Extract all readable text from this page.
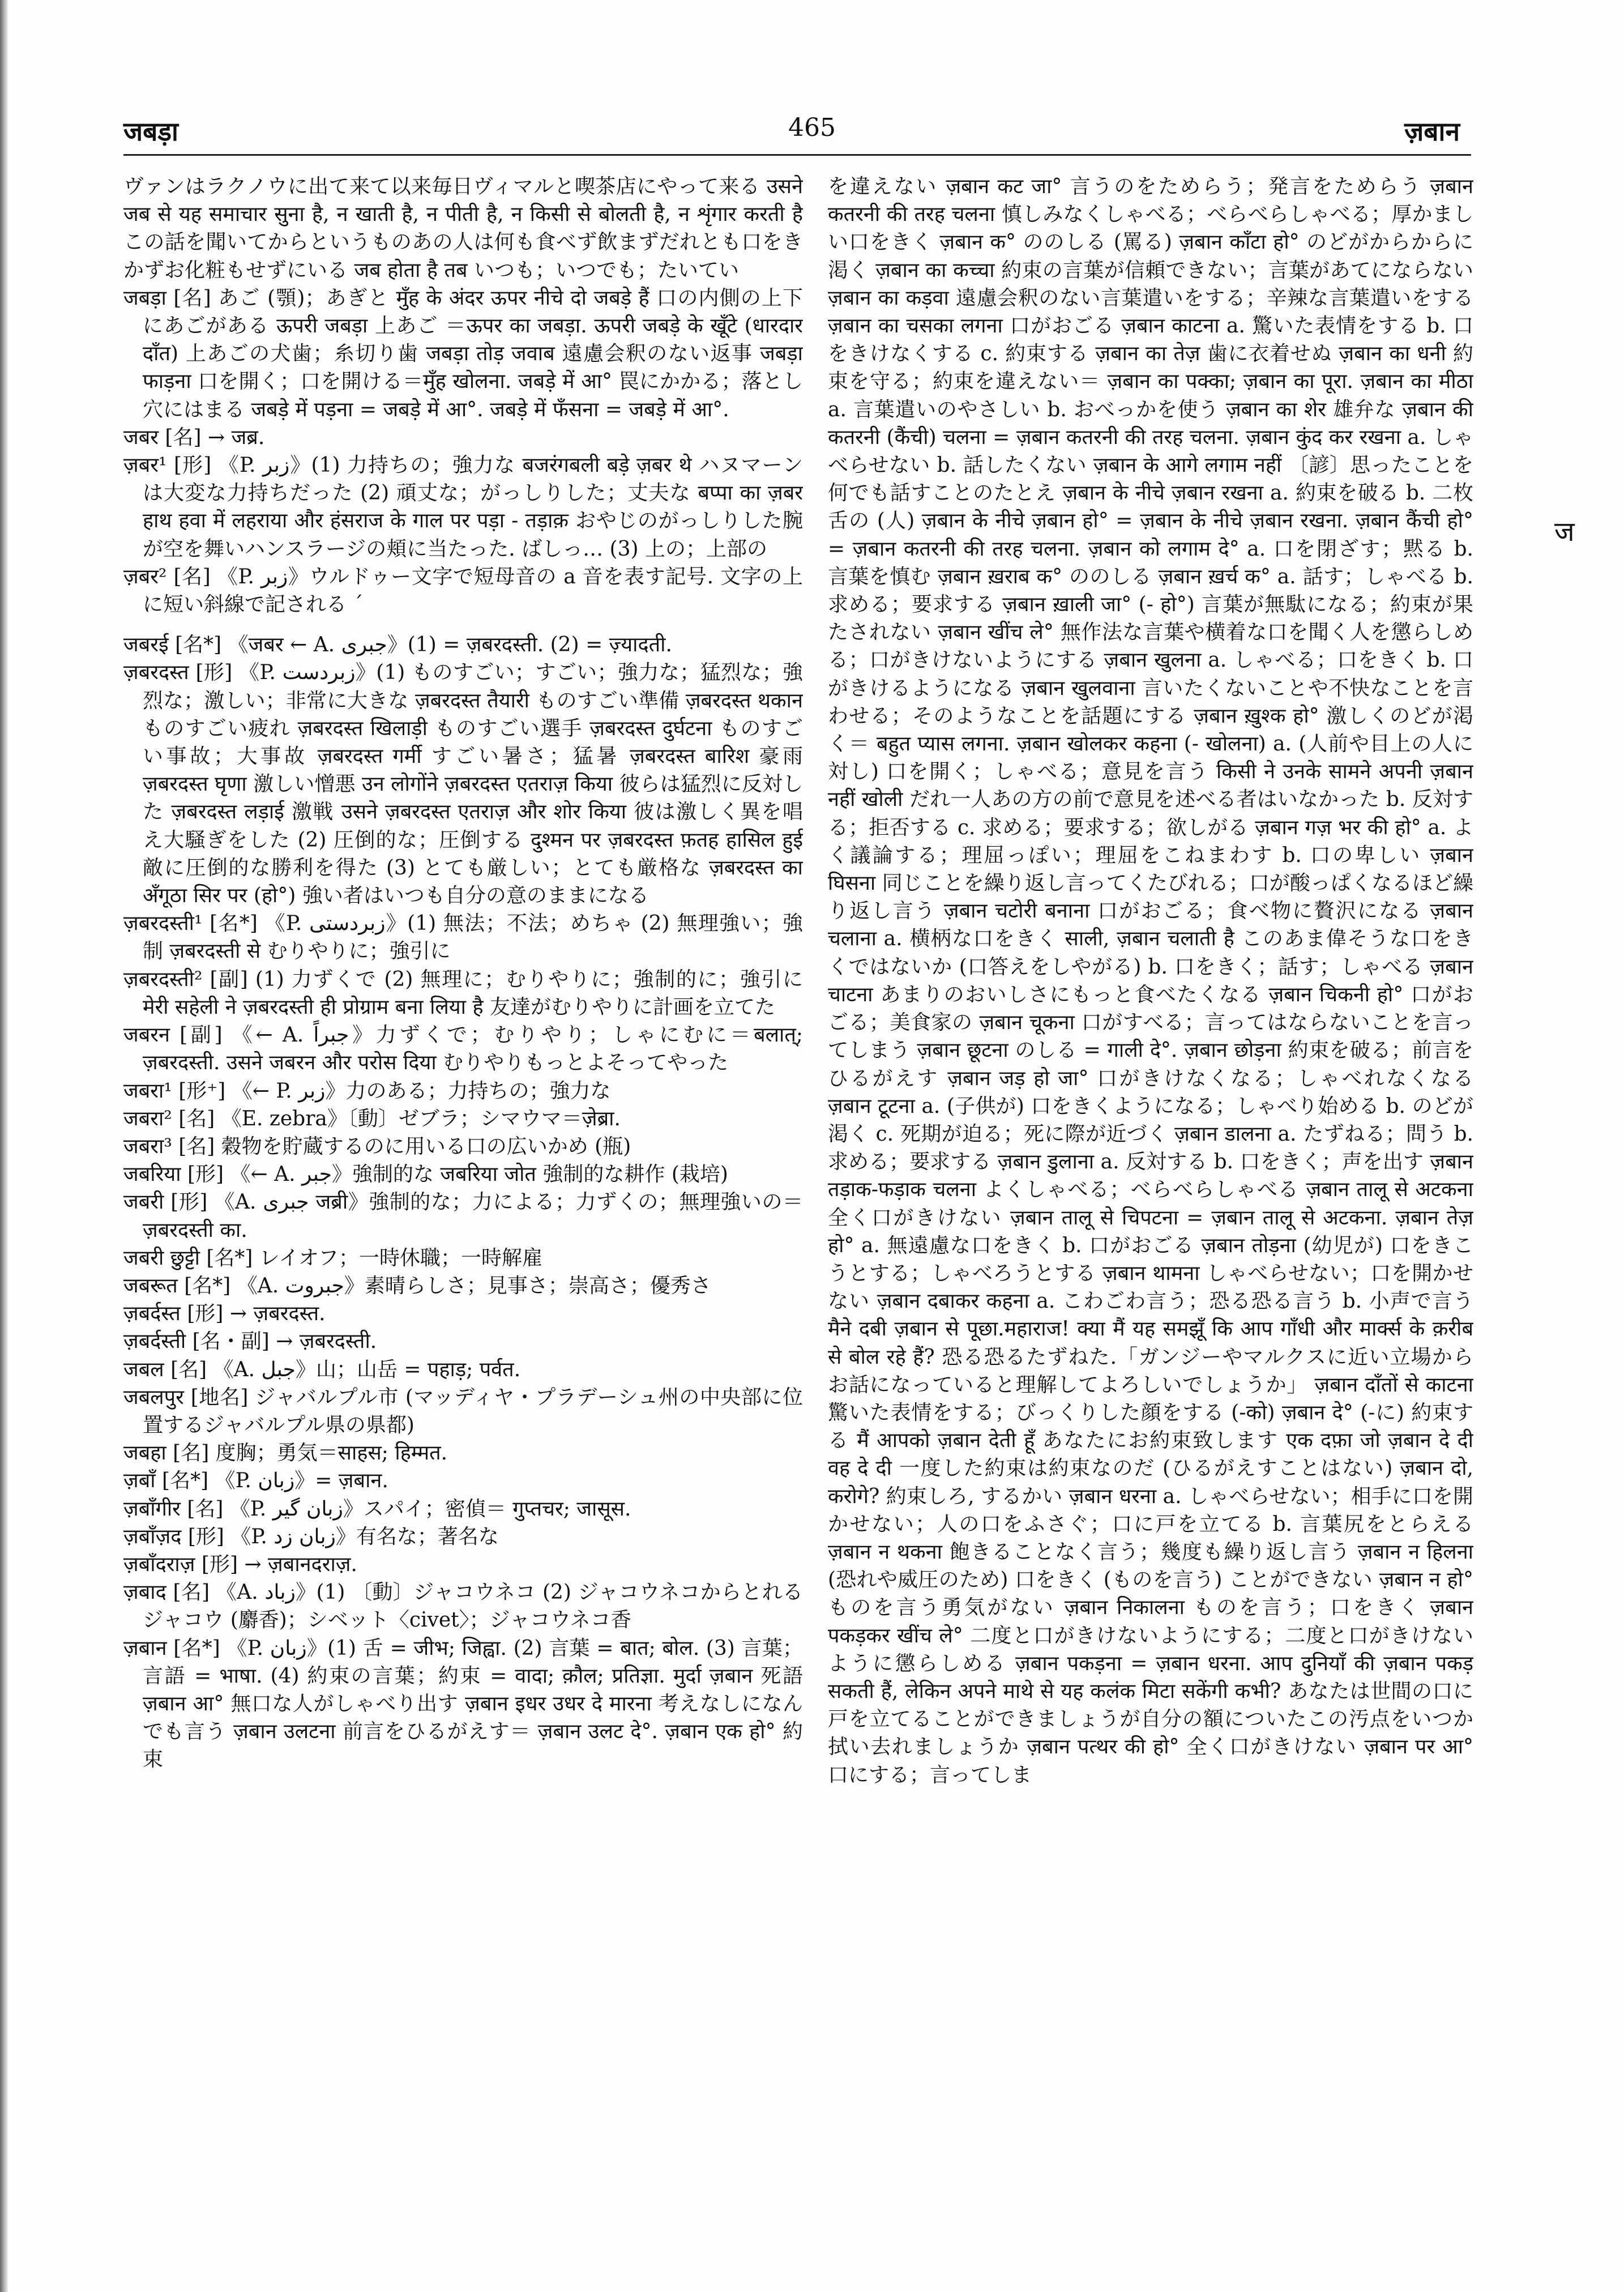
465
जबड़ा	ज़बान

ヴァンはラクノウに出て来て以来毎日ヴィマルと喫茶店にやって来る उसने जब से यह समाचार सुना है, न खाती है, न पीती है, न किसी से बोलती है, न शृंगार करती है この話を聞いてからというものあの人は何も食べず飲まずだれとも口をきかずお化粧もせずにいる जब होता है तब いつも；いつでも；たいてい

जबड़ा [名] あご (顎)；あぎと मुँह के अंदर ऊपर नीचे दो जबड़े हैं 口の内側の上下にあごがある ऊपरी जबड़ा 上あご ＝ऊपर का जबड़ा. ऊपरी जबड़े के खूँटे (धारदार दाँत) 上あごの犬歯；糸切り歯 जबड़ा तोड़ जवाब 遠慮会釈のない返事 जबड़ा फाड़ना 口を開く；口を開ける＝मुँह खोलना. जबड़े में आ° 罠にかかる；落とし穴にはまる जबड़े में पड़ना = जबड़े में आ°. जबड़े में फँसना = जबड़े में आ°.

जबर [名] → जब्र.

ज़बर¹ [形] 《P. زبر》(1) 力持ちの；強力な बजरंगबली बड़े ज़बर थे ハヌマーンは大変な力持ちだった (2) 頑丈な；がっしりした；丈夫な बप्पा का ज़बर हाथ हवा में लहराया और हंसराज के गाल पर पड़ा - तड़ाक़ おやじのがっしりした腕が空を舞いハンスラージの頬に当たった. ばしっ… (3) 上の；上部の

ज़बर² [名] 《P. زبر》ウルドゥー文字で短母音の a 音を表す記号. 文字の上に短い斜線で記される ˊ

जबरई [名*] 《जबर ← A. جبری》(1) = ज़बरदस्ती. (2) = ज़्यादती.

ज़बरदस्त [形] 《P. زبردست》(1) ものすごい；すごい；強力な；猛烈な；強烈な；激しい；非常に大きな ज़बरदस्त तैयारी ものすごい準備 ज़बरदस्त थकान ものすごい疲れ ज़बरदस्त खिलाड़ी ものすごい選手 ज़बरदस्त दुर्घटना ものすごい事故；大事故 ज़बरदस्त गर्मी すごい暑さ；猛暑 ज़बरदस्त बारिश 豪雨 ज़बरदस्त घृणा 激しい憎悪 उन लोगोंने ज़बरदस्त एतराज़ किया 彼らは猛烈に反対した ज़बरदस्त लड़ाई 激戦 उसने ज़बरदस्त एतराज़ और शोर किया 彼は激しく異を唱え大騒ぎをした (2) 圧倒的な；圧倒する दुश्मन पर ज़बरदस्त फ़तह हासिल हुई 敵に圧倒的な勝利を得た (3) とても厳しい；とても厳格な ज़बरदस्त का अँगूठा सिर पर (हो°) 強い者はいつも自分の意のままになる

ज़बरदस्ती¹ [名*] 《P. زبردستی》(1) 無法；不法；めちゃ (2) 無理強い；強制 ज़बरदस्ती से むりやりに；強引に

ज़बरदस्ती² [副] (1) 力ずくで (2) 無理に；むりやりに；強制的に；強引に मेरी सहेली ने ज़बरदस्ती ही प्रोग्राम बना लिया है 友達がむりやりに計画を立てた

जबरन [副] 《← A. جبراً》力ずくで；むりやり；しゃにむに＝बलात्; ज़बरदस्ती. उसने जबरन और परोस दिया むりやりもっとよそってやった

जबरा¹ [形⁺] 《← P. زبر》力のある；力持ちの；強力な

जबरा² [名] 《E. zebra》〔動〕ゼブラ；シマウマ＝ज़ेब्रा.

जबरा³ [名] 穀物を貯蔵するのに用いる口の広いかめ (瓶)

जबरिया [形] 《← A. جبر》強制的な जबरिया जोत 強制的な耕作 (栽培)

जबरी [形] 《A. جبری जब्री》強制的な；力による；力ずくの；無理強いの＝ ज़बरदस्ती का.

जबरी छुट्टी [名*] レイオフ；一時休職；一時解雇

जबरूत [名*] 《A. جبروت》素晴らしさ；見事さ；崇高さ；優秀さ

ज़बर्दस्त [形] → ज़बरदस्त.

ज़बर्दस्ती [名・副] → ज़बरदस्ती.

जबल [名] 《A. جبل》山；山岳 = पहाड़; पर्वत.

जबलपुर [地名] ジャバルプル市 (マッディヤ・プラデーシュ州の中央部に位置するジャバルプル県の県都)

जबहा [名] 度胸；勇気＝साहस; हिम्मत.

ज़बाँ [名*] 《P. زبان》= ज़बान.

ज़बाँगीर [名] 《P. زبان گیر》スパイ；密偵＝ गुप्तचर; जासूस.

ज़बाँज़द [形] 《P. زبان زد》有名な；著名な

ज़बाँदराज़ [形] → ज़बानदराज़.

ज़बाद [名] 《A. زباد》(1) 〔動〕ジャコウネコ (2) ジャコウネコからとれるジャコウ (麝香)；シベット〈civet〉；ジャコウネコ香

ज़बान [名*] 《P. زبان》(1) 舌 = जीभ; जिह्वा. (2) 言葉 = बात; बोल. (3) 言葉；言語 = भाषा. (4) 約束の言葉；約束 = वादा; क़ौल; प्रतिज्ञा. मुर्दा ज़बान 死語 ज़बान आ° 無口な人がしゃべり出す ज़बान इधर उधर दे मारना 考えなしになんでも言う ज़बान उलटना 前言をひるがえす＝ ज़बान उलट दे°. ज़बान एक हो° 約束

を違えない ज़बान कट जा° 言うのをためらう；発言をためらう ज़बान कतरनी की तरह चलना 慎しみなくしゃべる；べらべらしゃべる；厚かましい口をきく ज़बान क° ののしる (罵る) ज़बान काँटा हो° のどがからからに渇く ज़बान का कच्चा 約束の言葉が信頼できない；言葉があてにならない ज़बान का कड़वा 遠慮会釈のない言葉遣いをする；辛辣な言葉遣いをする ज़बान का चसका लगना 口がおごる ज़बान काटना a. 驚いた表情をする b. 口をきけなくする c. 約束する ज़बान का तेज़ 歯に衣着せぬ ज़बान का धनी 約束を守る；約束を違えない＝ ज़बान का पक्का; ज़बान का पूरा. ज़बान का मीठा a. 言葉遣いのやさしい b. おべっかを使う ज़बान का शेर 雄弁な ज़बान की कतरनी (कैंची) चलना = ज़बान कतरनी की तरह चलना. ज़बान कुंद कर रखना a. しゃべらせない b. 話したくない ज़बान के आगे लगाम नहीं 〔諺〕思ったことを何でも話すことのたとえ ज़बान के नीचे ज़बान रखना a. 約束を破る b. 二枚舌の (人) ज़बान के नीचे ज़बान हो° = ज़बान के नीचे ज़बान रखना. ज़बान कैंची हो° = ज़बान कतरनी की तरह चलना. ज़बान को लगाम दे° a. 口を閉ざす；黙る b. 言葉を慎む ज़बान ख़राब क° ののしる ज़बान ख़र्च क° a. 話す；しゃべる b. 求める；要求する ज़बान ख़ाली जा° (- हो°) 言葉が無駄になる；約束が果たされない ज़बान खींच ले° 無作法な言葉や横着な口を聞く人を懲らしめる；口がきけないようにする ज़बान खुलना a. しゃべる；口をきく b. 口がきけるようになる ज़बान खुलवाना 言いたくないことや不快なことを言わせる；そのようなことを話題にする ज़बान ख़ुश्क हो° 激しくのどが渇く＝ बहुत प्यास लगना. ज़बान खोलकर कहना (- खोलना) a. (人前や目上の人に対し) 口を開く；しゃべる；意見を言う किसी ने उनके सामने अपनी ज़बान नहीं खोली だれ一人あの方の前で意見を述べる者はいなかった b. 反対する；拒否する c. 求める；要求する；欲しがる ज़बान गज़ भर की हो° a. よく議論する；理屈っぽい；理屈をこねまわす b. 口の卑しい ज़बान घिसना 同じことを繰り返し言ってくたびれる；口が酸っぱくなるほど繰り返し言う ज़बान चटोरी बनाना 口がおごる；食べ物に贅沢になる ज़बान चलाना a. 横柄な口をきく साली, ज़बान चलाती है このあま偉そうな口をきくではないか (口答えをしやがる) b. 口をきく；話す；しゃべる ज़बान चाटना あまりのおいしさにもっと食べたくなる ज़बान चिकनी हो° 口がおごる；美食家の ज़बान चूकना 口がすべる；言ってはならないことを言ってしまう ज़बान छूटना のしる = गाली दे°. ज़बान छोड़ना 約束を破る；前言をひるがえす ज़बान जड़ हो जा° 口がきけなくなる；しゃべれなくなる ज़बान टूटना a. (子供が) 口をきくようになる；しゃべり始める b. のどが渇く c. 死期が迫る；死に際が近づく ज़बान डालना a. たずねる；問う b. 求める；要求する ज़बान डुलाना a. 反対する b. 口をきく；声を出す ज़बान तड़ाक-फड़ाक चलना よくしゃべる；べらべらしゃべる ज़बान तालू से अटकना 全く口がきけない ज़बान तालू से चिपटना = ज़बान तालू से अटकना. ज़बान तेज़ हो° a. 無遠慮な口をきく b. 口がおごる ज़बान तोड़ना (幼児が) 口をきこうとする；しゃべろうとする ज़बान थामना しゃべらせない；口を開かせない ज़बान दबाकर कहना a. こわごわ言う；恐る恐る言う b. 小声で言う मैने दबी ज़बान से पूछा.महाराज! क्या मैं यह समझूँ कि आप गाँधी और मार्क्स के क़रीब से बोल रहे हैं? 恐る恐るたずねた.「ガンジーやマルクスに近い立場からお話になっていると理解してよろしいでしょうか」 ज़बान दाँतों से काटना 驚いた表情をする；びっくりした顔をする (-को) ज़बान दे° (-に) 約束する मैं आपको ज़बान देती हूँ あなたにお約束致します एक दफ़ा जो ज़बान दे दी वह दे दी 一度した約束は約束なのだ (ひるがえすことはない) ज़बान दो, करोगे? 約束しろ, するかい ज़बान धरना a. しゃべらせない；相手に口を開かせない；人の口をふさぐ；口に戸を立てる b. 言葉尻をとらえる ज़बान न थकना 飽きることなく言う；幾度も繰り返し言う ज़बान न हिलना (恐れや威圧のため) 口をきく (ものを言う) ことができない ज़बान न हो° ものを言う勇気がない ज़बान निकालना ものを言う；口をきく ज़बान पकड़कर खींच ले° 二度と口がきけないようにする；二度と口がきけないように懲らしめる ज़बान पकड़ना = ज़बान धरना. आप दुनियाँ की ज़बान पकड़ सकती हैं, लेकिन अपने माथे से यह कलंक मिटा सकेंगी कभी? あなたは世間の口に戸を立てることができましょうが自分の額についたこの汚点をいつか拭い去れましょうか ज़बान पत्थर की हो° 全く口がきけない ज़बान पर आ° 口にする；言ってしま

ज
